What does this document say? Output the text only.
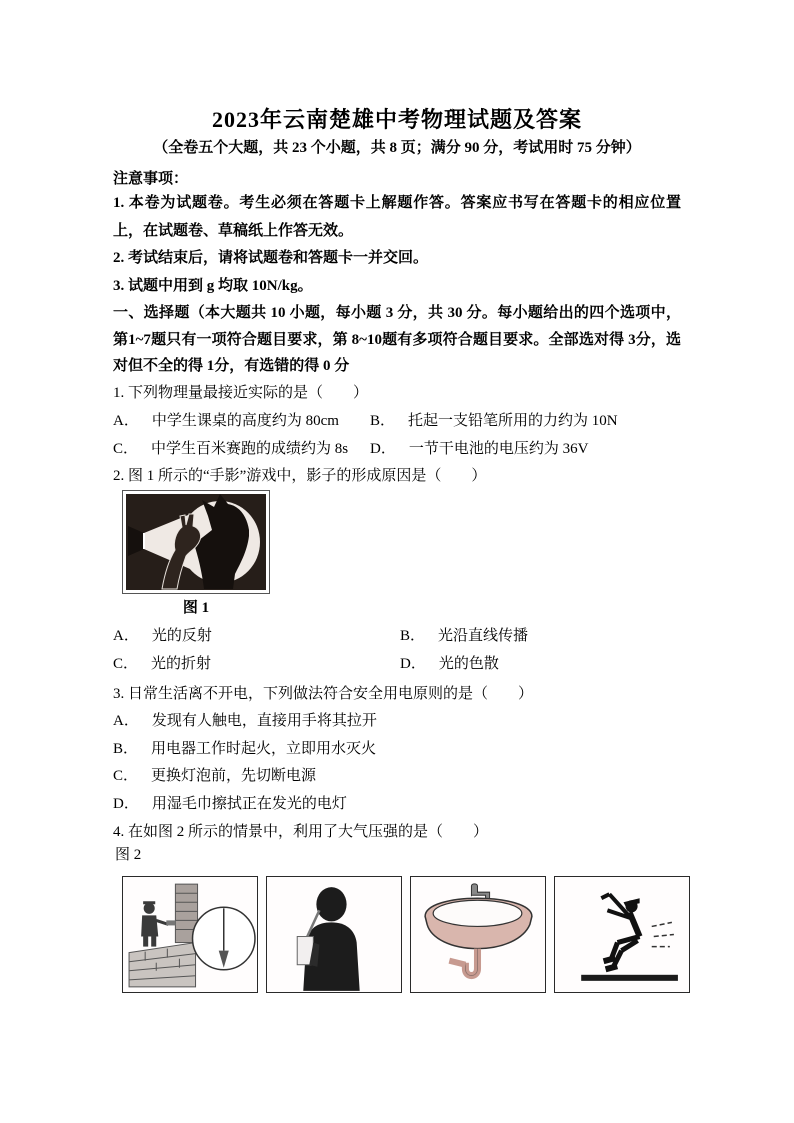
2023年云南楚雄中考物理试题及答案
（全卷五个大题，共 23 个小题，共 8 页；满分 90 分，考试用时 75 分钟）
注意事项：

1. 本卷为试题卷。考生必须在答题卡上解题作答。答案应书写在答题卡的相应位置上，在试题卷、草稿纸上作答无效。

2. 考试结束后，请将试题卷和答题卡一并交回。

3. 试题中用到 g 均取 10N/kg。

一、选择题（本大题共 10 小题，每小题 3 分，共 30 分。每小题给出的四个选项中，第1~7题只有一项符合题目要求，第 8~10题有多项符合题目要求。全部选对得 3分，选对但不全的得 1分，有选错的得 0 分

1. 下列物理量最接近实际的是（　　）

A． 中学生课桌的高度约为 80cm	B． 托起一支铅笔所用的力约为 10N
C． 中学生百米赛跑的成绩约为 8s	D． 一节干电池的电压约为 36V

2. 图 1 所示的“手影”游戏中，影子的形成原因是（　　）

图 1
A． 光的反射	B． 光沿直线传播
C． 光的折射	D． 光的色散

3. 日常生活离不开电，下列做法符合安全用电原则的是（　　）

A． 发现有人触电，直接用手将其拉开
B． 用电器工作时起火，立即用水灭火
C． 更换灯泡前，先切断电源
D． 用湿毛巾擦拭正在发光的电灯

4. 在如图 2 所示的情景中，利用了大气压强的是（　　）

图 2
